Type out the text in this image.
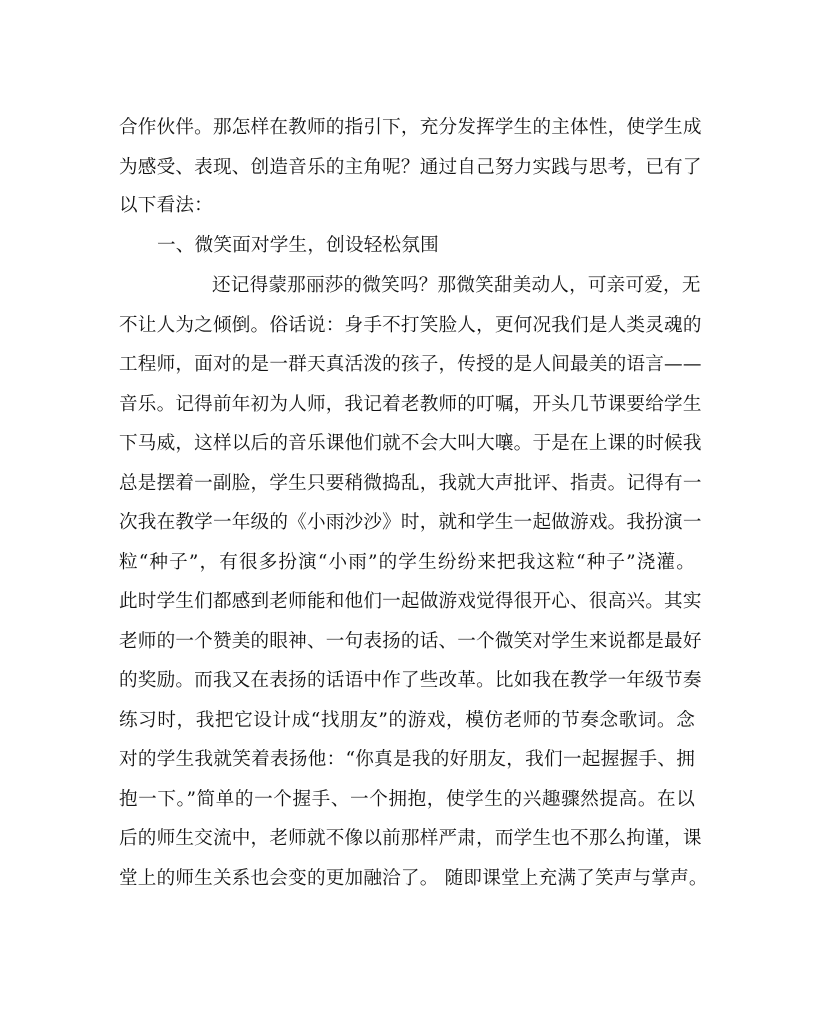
合作伙伴。那怎样在教师的指引下，充分发挥学生的主体性，使学生成
为感受、表现、创造音乐的主角呢？通过自己努力实践与思考，已有了
以下看法：
一、微笑面对学生，创设轻松氛围
还记得蒙那丽莎的微笑吗？那微笑甜美动人，可亲可爱，无
不让人为之倾倒。俗话说：身手不打笑脸人，更何况我们是人类灵魂的
工程师，面对的是一群天真活泼的孩子，传授的是人间最美的语言——
音乐。记得前年初为人师，我记着老教师的叮嘱，开头几节课要给学生
下马威，这样以后的音乐课他们就不会大叫大嚷。于是在上课的时候我
总是摆着一副脸，学生只要稍微捣乱，我就大声批评、指责。记得有一
次我在教学一年级的《小雨沙沙》时，就和学生一起做游戏。我扮演一
粒“种子”，有很多扮演“小雨”的学生纷纷来把我这粒“种子”浇灌。
此时学生们都感到老师能和他们一起做游戏觉得很开心、很高兴。其实
老师的一个赞美的眼神、一句表扬的话、一个微笑对学生来说都是最好
的奖励。而我又在表扬的话语中作了些改革。比如我在教学一年级节奏
练习时，我把它设计成“找朋友”的游戏，模仿老师的节奏念歌词。念
对的学生我就笑着表扬他：“你真是我的好朋友，我们一起握握手、拥
抱一下。”简单的一个握手、一个拥抱，使学生的兴趣骤然提高。在以
后的师生交流中，老师就不像以前那样严肃，而学生也不那么拘谨，课
堂上的师生关系也会变的更加融洽了。 随即课堂上充满了笑声与掌声。
